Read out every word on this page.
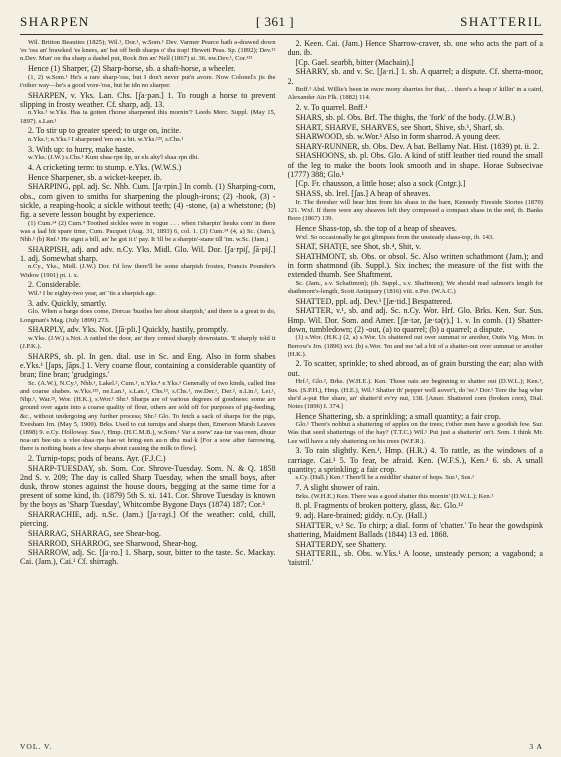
SHARPEN	[ 361 ]	SHATTERIL

Wil. Britton Beauties (1825); Wil.¹, Dor.¹, w.Som.¹ Dev. Varmer Pearce hath a-drawed down 'es 'oss an' brawked 'es knees, an' bat off both sharps o' tha trap! Hewett Peas. Sp. (1892); Dev.¹² n.Dev. Mun' on tha sharp a dashel put, Rock Jim an' Nell (1867) st. 36. nw.Dev.¹, Cor.¹²³

Hence (1) Sharper, (2) Sharp-horse, sb. a shaft-horse, a wheeler.

(1, 2) w.Som.¹ He's a rare sharp-'oss, but I don't never put'n avore. Now Colonel's jis the t'other way—he's a good vore-'oss, but he idn no sharper.

SHARPEN, v. Yks. Lan. Chs. [ʃa·pən.] 1. To rough a horse to prevent slipping in frosty weather. Cf. sharp, adj. 13.

n.Yks.¹ w.Yks. Has ta gotten t'horse sharpened this mornin'? Leeds Merc. Suppl. (May 15, 1897). s.Lan.¹

2. To stir up to greater speed; to urge on, incite.

n.Yks.¹; n.Yks.² I sharpened 'em on a bit. w.Yks.¹²³, s.Chs.¹

3. With up: to hurry, make haste.

w.Yks. (J.W.) s.Chs.¹ Kum shaa·rpn ŭp, ur els ahy'l shaa·rpn dhi.

4. A cricketing term: to stump. e.Yks. (W.W.S.)

Hence Sharpener, sb. a wicket-keeper. ib.

SHARPING, ppl. adj. Sc. Nhb. Cum. [ʃa·rpin.] In comb. (1) Sharping-corn, obs., corn given to smiths for sharpening the plough-irons; (2) -hook, (3) -sickle, a reaping-hook; a sickle without teeth; (4) -stone, (a) a whetstone; (b) fig. a severe lesson bought by experience.

(1) Cum.¹⁴ (2) Cum.⁴ Toothed sickles were in vogue . . . when t'sharpin' heuks com' in there was a laal bit spare time, Cum. Pacquet (Aug. 31, 1893) 6, col. 1. (3) Cum.¹⁴ (4, a) Sc. (Jam.), Nhb.¹ (b) Rnf.¹ He signt a bill, an' he got it t' pay. It 'ill be a sharpin'-stane till 'im. w.Sc. (Jam.)

SHARPISH, adj. and adv. n.Cy. Yks. Midl. Glo. Wil. Dor. [ʃa·rpiʃ, ʃā·piʃ.] 1. adj. Somewhat sharp.

n.Cy., Yks., Midl. (J.W.) Dor. I'd low there'll be some sharpish frostes, Francis Pounder's Widow (1901) pt. i. x.

2. Considerable.

Wil.¹ I be eighty-two year, an' 'tis a sharpish age.

3. adv. Quickly, smartly.

Glo. When a barge does come, Dorcas 'bustles her about sharpish,' and there is a great to do, Longman's Mag. (July 1899) 273.

SHARPLY, adv. Yks. Not. [ʃā·pli.] Quickly, hastily, promptly.

w.Yks. (J.W.) s.Not. A rattled the door, an' they comed sharply downstairs. 'E sharply told it (J.P.K.).

SHARPS, sb. pl. In gen. dial. use in Sc. and Eng. Also in form shabes e.Yks.¹ [ʃaps, ʃāps.] 1. Very coarse flour, containing a considerable quantity of bran; fine bran; 'grudgings.'

Sc. (A.W.), N.Cy.¹, Nhb.¹, Lakel.², Cum.¹, n.Yks.⁴ e.Yks.¹ Generally of two kinds, called fine and coarse shabes. w.Yks.¹²⁵, ne.Lan.¹, s.Lan.¹, Chs.¹³, s.Chs.¹, nw.Der.¹, Der.², n.Lin.¹, Lei.¹, Nhp.¹, War.²³, Wor. (H.K.), s.Wor.¹ Shr.¹ Sharps are of various degrees of goodness: some are ground over again into a coarse quality of flour, others are sold off for purposes of pig-feeding, &c., without undergoing any further process; Shr.² Glo. To fetch a sack of sharps for the pigs, Evesham Jrn. (May 5, 1900). Brks. Used to cut turnips and sharps then, Emerson Marsh Leaves (1898) 9. e.Cy. Holloway. Sus.¹, Hmp. (H.C.M.B.), w.Som.¹ Var a zeew' zaa·tur vaa·reen, dhuur noa·urt bee·uts u vlee·shaa·rps bae·wt bring·een au·n dhu mal·k [For a sow after farrowing, there is nothing beats a few sharps about causing the milk to flow].

2. Turnip-tops; pods of beans. Ayr. (F.J.C.)

SHARP-TUESDAY, sb. Som. Cor. Shrove-Tuesday. Som. N. & Q. 1858 2nd S. v. 209; The day is called Sharp Tuesday, when the small boys, after dusk, throw stones against the house doors, begging at the same time for a present of some kind, ib. (1879) 5th S. xi. 141. Cor. Shrove Tuesday is known by the boys as 'Sharp Tuesday', Whitcombe Bygone Days (1874) 187; Cor.³

SHARRACHIE, adj. n.Sc. (Jam.) [ʃa·rəχi.] Of the weather: cold, chill, piercing.

SHARRAG, SHARRAG, see Shear-hog.

SHARROD, SHARROG, see Sharwood, Shear-hog.

SHARROW, adj. Sc. [ʃa·ro.] 1. Sharp, sour, bitter to the taste. Sc. Mackay. Cai. (Jam.), Cai.¹ Cf. shirragh.

2. Keen. Cai. (Jam.) Hence Sharrow-craver, sb. one who acts the part of a dun. ib.

[Cp. Gael. searbh, bitter (Macbain).]

SHARRY, sb. and v. Sc. [ʃa·ri.] 1. sb. A quarrel; a dispute. Cf. sherra-moor, 2.

Bnff.¹ Abd. Willie's been in owre mony sharries for that, . . there's a heap o' killin' in a caird, Alexander Ain Flk. (1882) 114.

2. v. To quarrel. Bnff.¹

SHARS, sb. pl. Obs. Brf. The thighs, the 'fork' of the body. (J.W.B.)

SHART, SHARVE, SHARVES, see Short, Shive, sb.¹, Sharf, sb.

SHARWOOD, sb. w.Wor.¹ Also in form sharrod. A young deer.

SHARY-RUNNER, sb. Obs. Dev. A bat. Bellamy Nat. Hist. (1839) pt. ii. 2.

SHASHOONS, sb. pl. Obs. Glo. A kind of stiff leather tied round the small of the leg to make the boots look smooth and in shape. Horae Subsecivae (1777) 388; Glo.¹

[Cp. Fr. chausson, a little hose; also a sock (Cotgr.).]

SHASS, sb. Irel. [ʃas.] A heap of sheaves.

Ir. The thresher will hear him from his shass in the barn, Kennedy Fireside Stories (1870) 121. Wxf. If there were any sheaves left they composed a compact shass in the end, ib. Banks Boro (1867) 139.

Hence Shass-top, sb. the top of a heap of sheaves.

Wxf. So occasionally he got glimpses from the unsteady shass-top, ib. 143.

SHAT, SHAT(E, see Shot, sb.⁴, Shit, v.

SHATHMONT, sb. Obs. or obsol. Sc. Also written schathmont (Jam.); and in form shatmond (ib. Suppl.). Six inches; the measure of the fist with the extended thumb. See Shaftment.

Sc. (Jam., s.v. Schaftmon); (ib. Suppl., s.v. Shaftmon); We should read salmon's length for shathmont's-length, Scott Antiquary (1816) viii. e.Per. (W.A.C.)

SHATTED, ppl. adj. Dev.¹ [ʃæ·tid.] Bespattered.

SHATTER, v.¹, sb. and adj. Sc. n.Cy. Wor. Hrf. Glo. Brks. Ken. Sur. Sus. Hmp. Wil. Dor. Som. and Amer. [ʃæ·tər, ʃæ·tə(r).] 1. v. In comb. (1) Shatter-down, tumbledown; (2) -out, (a) to quarrel; (b) a quarrel; a dispute.

(1) s.Wor. (H.K.) (2, a) s.Wor. Us shattered out over summat or another, Outis Vig. Mon. in Berrow's Jrn. (1896) xvi. (b) s.Wor. 'Im and me 'ad a bit of a shatter-out over summat or another (H.K.).

2. To scatter, sprinkle; to shed abroad, as of grain bursting the ear; also with out.

Hrf.², Glo.², Brks. (W.H.E.). Ken. Those oats are beginning to shatter out (D.W.L.); Ken.¹, Sus. (S.P.H.), Hmp. (H.E.), Wil.¹ Shatter th' pepper well aover't, do 'ee.¹ Dor.¹ Tore the bag wher she'd a-put Her share, an' shatter'd ev'ry nut, 138. [Amer. Shattered corn (broken corn), Dial. Notes (1896) I. 374.]

Hence Shattering, sb. a sprinkling; a small quantity; a fair crop.

Glo.¹ There's nobbut a shattering of apples on the trees; t'other men have a goodish few. Sur. Was that seed shatterings of the hay? (T.T.C.) Wil.¹ Put just a shatterin' on't. Som. I think Mr. Lee will have a tidy shattering on his trees (W.F.R.).

3. To rain slightly. Ken.¹, Hmp. (H.R.) 4. To rattle, as the windows of a carriage. Cai.¹ 5. To fear, be afraid. Ken. (W.F.S.), Ken.¹ 6. sb. A small quantity; a sprinkling; a fair crop.

s.Cy. (Hall.) Ken.¹ There'll be a middlin' shatter of hops. Sur.¹, Sus.¹

7. A slight shower of rain.

Brks. (W.H.E.) Ken. There was a good shatter this mornin' (D.W.L.); Ken.¹

8. pl. Fragments of broken pottery, glass, &c. Glo.¹²

9. adj. Hare-brained; giddy. n.Cy. (Hall.)

SHATTER, v.² Sc. To chirp; a dial. form of 'chatter.' To hear the gowdspink shattering, Maidment Ballads (1844) 13 ed. 1868.

SHATTERDY, see Shattery.

SHATTERIL, sb. Obs. w.Yks.¹ A loose, unsteady person; a vagabond; a 'taistril.'

VOL. V.	3 A
